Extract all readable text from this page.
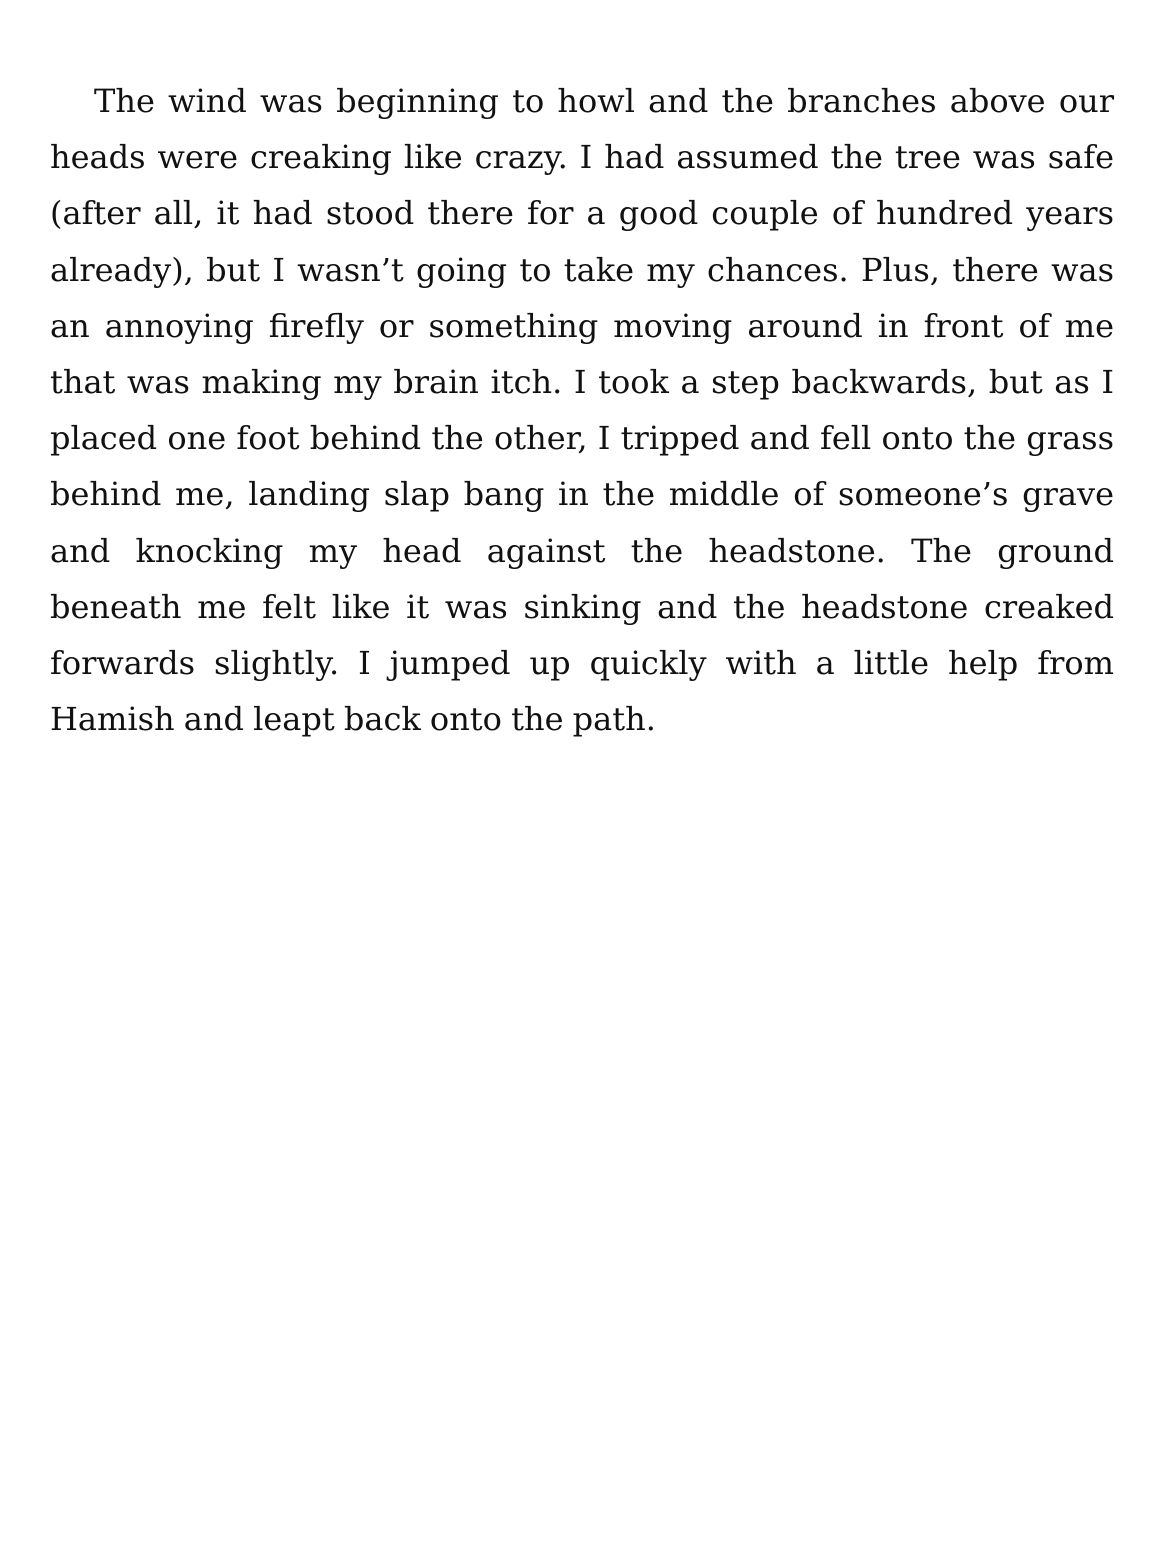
The wind was beginning to howl and the branches above our heads were creaking like crazy. I had assumed the tree was safe (after all, it had stood there for a good couple of hundred years already), but I wasn’t going to take my chances. Plus, there was an annoying firefly or something moving around in front of me that was making my brain itch. I took a step backwards, but as I placed one foot behind the other, I tripped and fell onto the grass behind me, landing slap bang in the middle of someone’s grave and knocking my head against the headstone. The ground beneath me felt like it was sinking and the headstone creaked forwards slightly. I jumped up quickly with a little help from Hamish and leapt back onto the path.
